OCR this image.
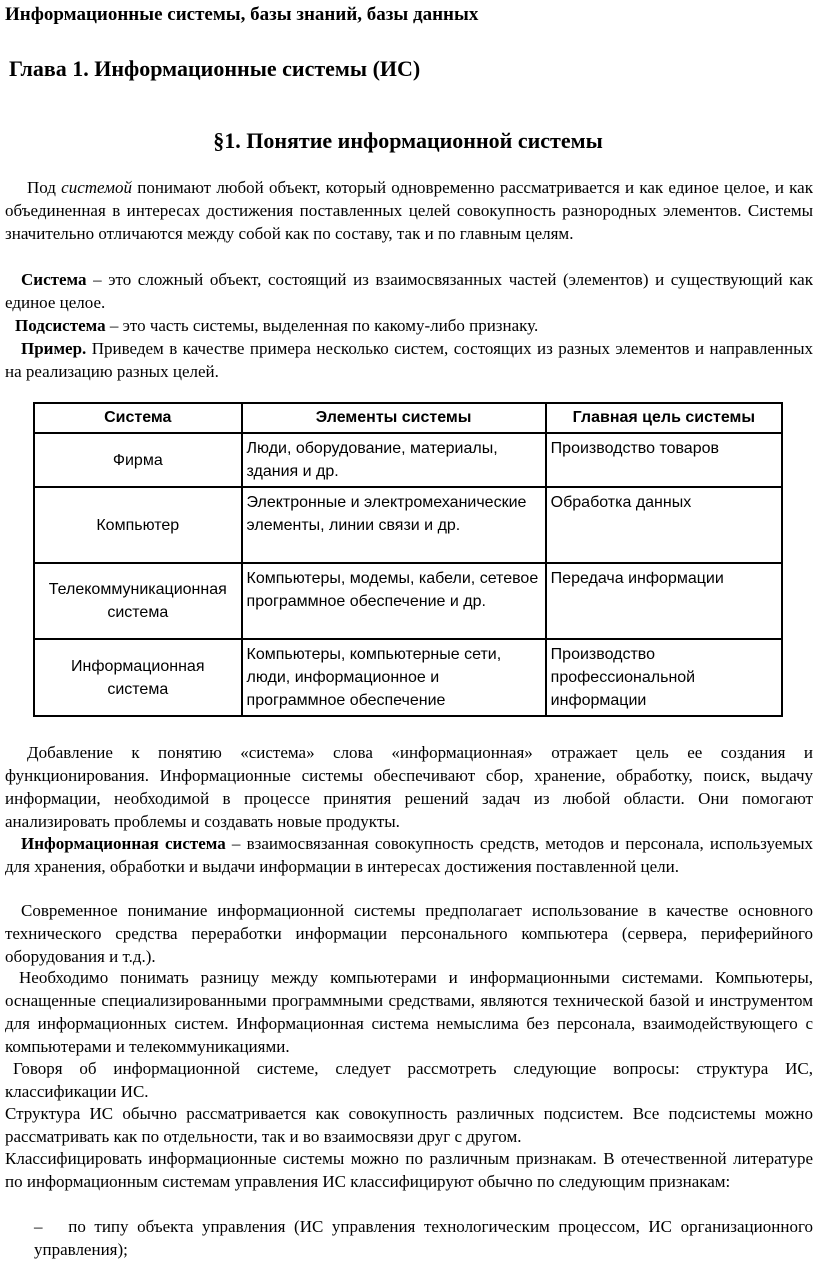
Информационные системы, базы знаний, базы данных
Глава 1. Информационные системы (ИС)
§1. Понятие информационной системы
Под системой понимают любой объект, который одновременно рассматривается и как единое целое, и как объединенная в интересах достижения поставленных целей совокупность разнородных элементов. Системы значительно отличаются между собой как по составу, так и по главным целям.
Система – это сложный объект, состоящий из взаимосвязанных частей (элементов) и существующий как единое целое.
Подсистема – это часть системы, выделенная по какому-либо признаку.
Пример. Приведем в качестве примера несколько систем, состоящих из разных элементов и направленных на реализацию разных целей.
Система	Элементы системы	Главная цель системы
Фирма	Люди, оборудование, материалы, здания и др.	Производство товаров
Компьютер	Электронные и электромеханические элементы, линии связи и др.	Обработка данных
Телекоммуникационная система	Компьютеры, модемы, кабели, сетевое программное обеспечение и др.	Передача информации
Информационная система	Компьютеры, компьютерные сети, люди, информационное и программное обеспечение	Производство профессиональной информации
Добавление к понятию «система» слова «информационная» отражает цель ее создания и функционирования. Информационные системы обеспечивают сбор, хранение, обработку, поиск, выдачу информации, необходимой в процессе принятия решений задач из любой области. Они помогают анализировать проблемы и создавать новые продукты.
Информационная система – взаимосвязанная совокупность средств, методов и персонала, используемых для хранения, обработки и выдачи информации в интересах достижения поставленной цели.
Современное понимание информационной системы предполагает использование в качестве основного технического средства переработки информации персонального компьютера (сервера, периферийного оборудования и т.д.).
Необходимо понимать разницу между компьютерами и информационными системами. Компьютеры, оснащенные специализированными программными средствами, являются технической базой и инструментом для информационных систем. Информационная система немыслима без персонала, взаимодействующего с компьютерами и телекоммуникациями.
Говоря об информационной системе, следует рассмотреть следующие вопросы: структура ИС, классификации ИС.
Структура ИС обычно рассматривается как совокупность различных подсистем. Все подсистемы можно рассматривать как по отдельности, так и во взаимосвязи друг с другом.
Классифицировать информационные системы можно по различным признакам. В отечественной литературе по информационным системам управления ИС классифицируют обычно по следующим признакам:
– по типу объекта управления (ИС управления технологическим процессом, ИС организационного управления);
